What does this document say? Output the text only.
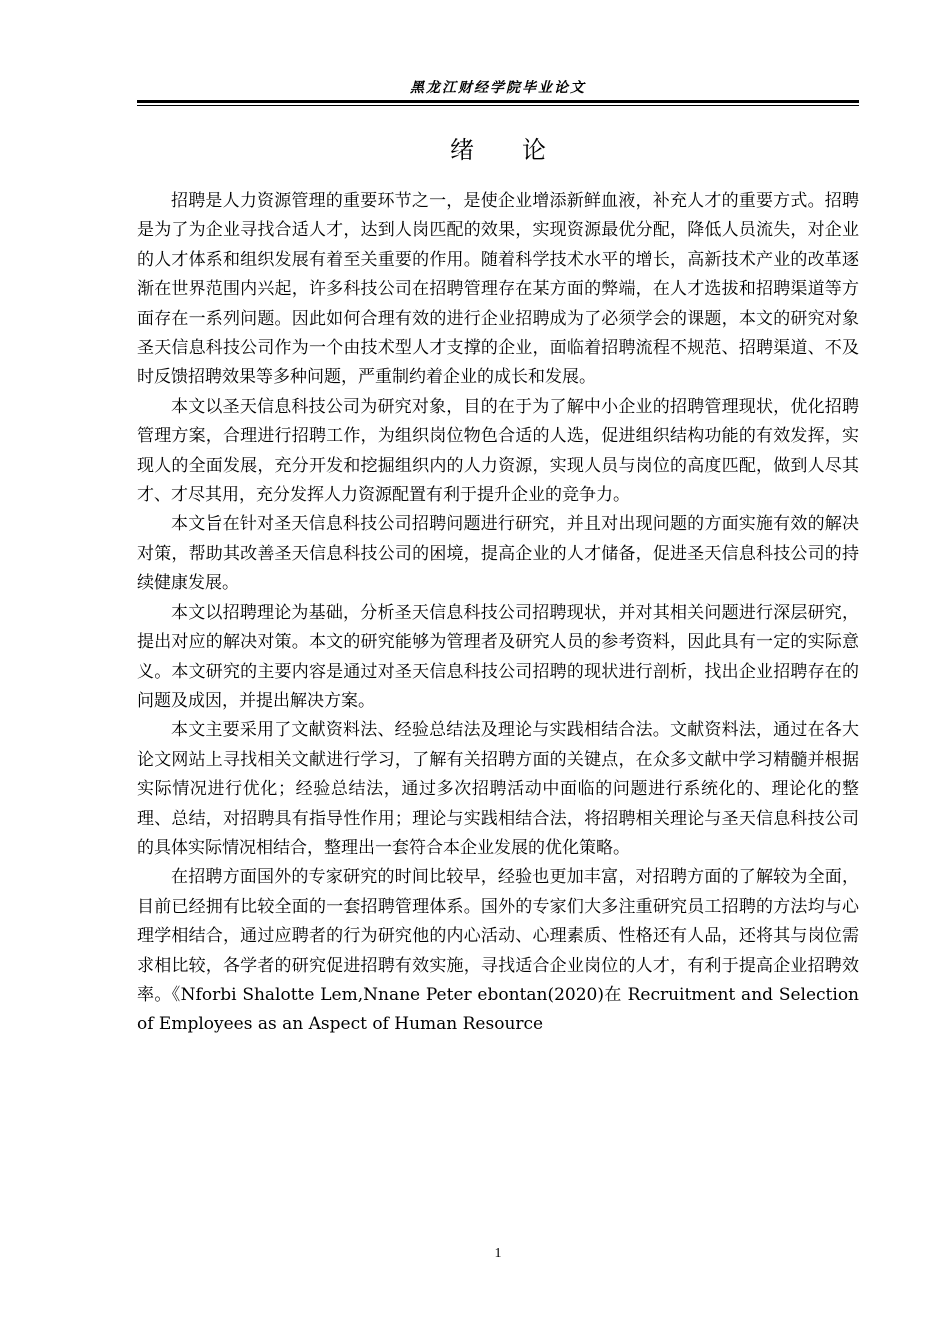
黑龙江财经学院毕业论文
绪论

招聘是人力资源管理的重要环节之一，是使企业增添新鲜血液，补充人才的重要方式。招聘是为了为企业寻找合适人才，达到人岗匹配的效果，实现资源最优分配，降低人员流失，对企业的人才体系和组织发展有着至关重要的作用。随着科学技术水平的增长，高新技术产业的改革逐渐在世界范围内兴起，许多科技公司在招聘管理存在某方面的弊端，在人才选拔和招聘渠道等方面存在一系列问题。因此如何合理有效的进行企业招聘成为了必须学会的课题，本文的研究对象圣天信息科技公司作为一个由技术型人才支撑的企业，面临着招聘流程不规范、招聘渠道、不及时反馈招聘效果等多种问题，严重制约着企业的成长和发展。

本文以圣天信息科技公司为研究对象，目的在于为了解中小企业的招聘管理现状，优化招聘管理方案，合理进行招聘工作，为组织岗位物色合适的人选，促进组织结构功能的有效发挥，实现人的全面发展，充分开发和挖掘组织内的人力资源，实现人员与岗位的高度匹配，做到人尽其才、才尽其用，充分发挥人力资源配置有利于提升企业的竞争力。

本文旨在针对圣天信息科技公司招聘问题进行研究，并且对出现问题的方面实施有效的解决对策，帮助其改善圣天信息科技公司的困境，提高企业的人才储备，促进圣天信息科技公司的持续健康发展。

本文以招聘理论为基础，分析圣天信息科技公司招聘现状，并对其相关问题进行深层研究，提出对应的解决对策。本文的研究能够为管理者及研究人员的参考资料，因此具有一定的实际意义。本文研究的主要内容是通过对圣天信息科技公司招聘的现状进行剖析，找出企业招聘存在的问题及成因，并提出解决方案。

本文主要采用了文献资料法、经验总结法及理论与实践相结合法。文献资料法，通过在各大论文网站上寻找相关文献进行学习，了解有关招聘方面的关键点，在众多文献中学习精髓并根据实际情况进行优化；经验总结法，通过多次招聘活动中面临的问题进行系统化的、理论化的整理、总结，对招聘具有指导性作用；理论与实践相结合法，将招聘相关理论与圣天信息科技公司的具体实际情况相结合，整理出一套符合本企业发展的优化策略。

在招聘方面国外的专家研究的时间比较早，经验也更加丰富，对招聘方面的了解较为全面，目前已经拥有比较全面的一套招聘管理体系。国外的专家们大多注重研究员工招聘的方法均与心理学相结合，通过应聘者的行为研究他的内心活动、心理素质、性格还有人品，还将其与岗位需求相比较，各学者的研究促进招聘有效实施，寻找适合企业岗位的人才，有利于提高企业招聘效率。《Nforbi Shalotte Lem,Nnane Peter ebontan(2020)在 Recruitment and Selection of Employees as an Aspect of Human Resource

1
